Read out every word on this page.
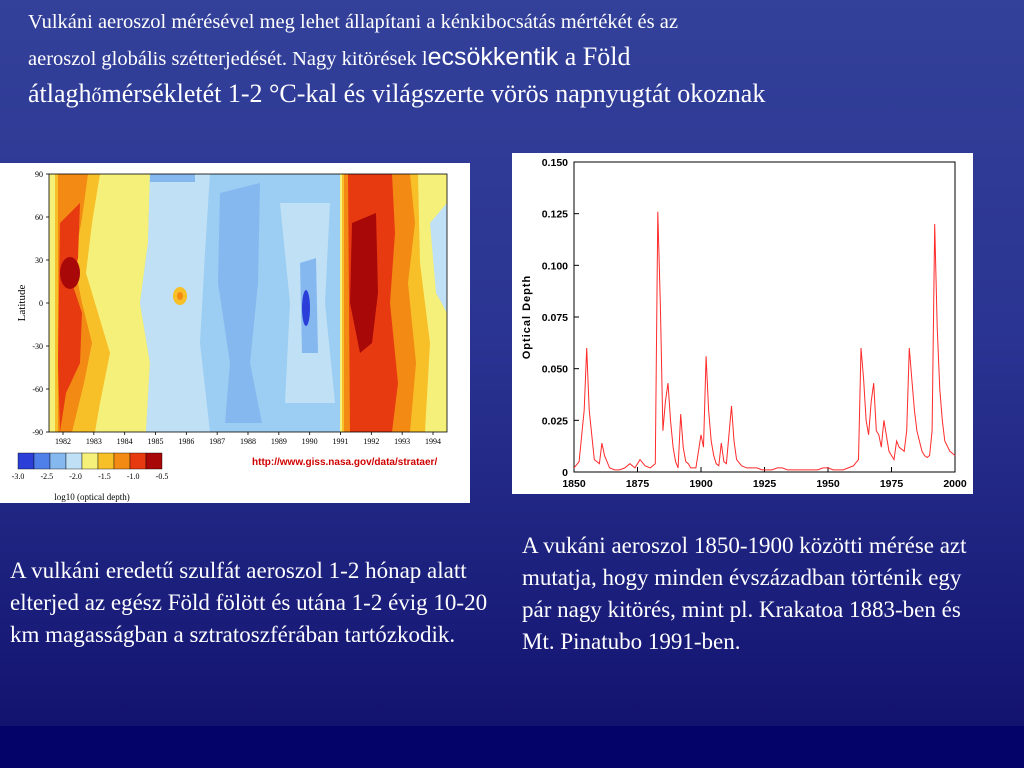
Vulkáni aeroszol mérésével meg lehet állapítani a kénkibocsátás mértékét és az
aeroszol globális szétterjedését. Nagy kitörések lecsökkentik a Föld
átlaghőmérsékletét 1-2 °C-kal és világszerte vörös napnyugtát okoznak
90
60
30
0
-30
-60
-90
1982 1983 1984 1985 1986 1987 1988 1989 1990 1991 1992 1993 1994
Latitude
-3.0 -2.5 -2.0 -1.5 -1.0 -0.5
log10 (optical depth)
http://www.giss.nasa.gov/data/strataer/
0
0.025
0.050
0.075
0.100
0.125
0.150
1850	1875	1900	1925	1950	1975	2000
Optical Depth
A vulkáni eredetű szulfát aeroszol 1-2 hónap alatt elterjed az egész Föld fölött és utána 1-2 évig 10-20 km magasságban a sztratoszférában tartózkodik.
A vukáni aeroszol 1850-1900 közötti mérése azt mutatja, hogy minden évszázadban történik egy pár nagy kitörés, mint pl. Krakatoa 1883-ben és Mt. Pinatubo 1991-ben.
